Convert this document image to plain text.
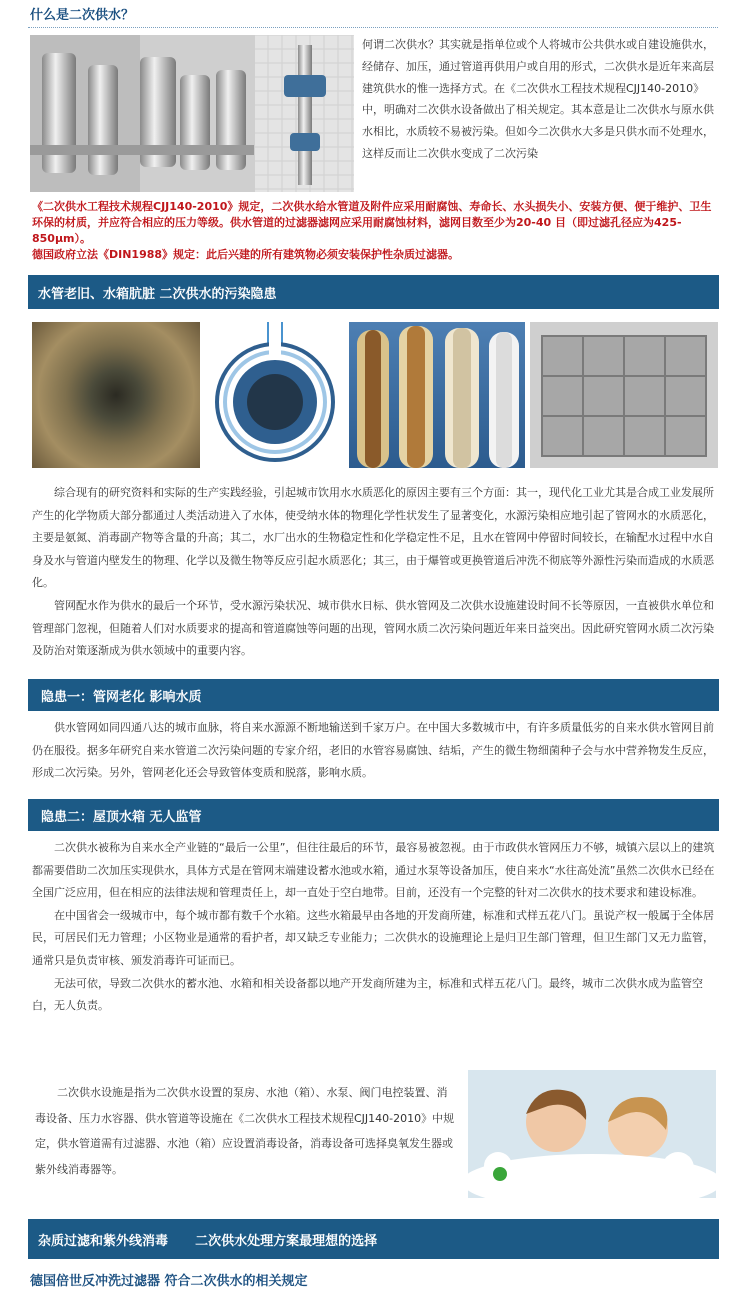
什么是二次供水？
何谓二次供水？其实就是指单位或个人将城市公共供水或自建设施供水，经储存、加压，通过管道再供用户或自用的形式，二次供水是近年来高层建筑供水的惟一选择方式。在《二次供水工程技术规程CJJ140-2010》中，明确对二次供水设备做出了相关规定。其本意是让二次供水与原水供水相比，水质较不易被污染。但如今二次供水大多是只供水而不处理水，这样反而让二次供水变成了二次污染
《二次供水工程技术规程CJJ140-2010》规定，二次供水给水管道及附件应采用耐腐蚀、寿命长、水头损失小、安装方便、便于维护、卫生环保的材质，并应符合相应的压力等级。供水管道的过滤器滤网应采用耐腐蚀材料，滤网目数至少为20-40 目（即过滤孔径应为425-850μm）。
德国政府立法《DIN1988》规定：此后兴建的所有建筑物必须安装保护性杂质过滤器。
水管老旧、水箱肮脏 二次供水的污染隐患

综合现有的研究资料和实际的生产实践经验，引起城市饮用水水质恶化的原因主要有三个方面：其一，现代化工业尤其是合成工业发展所产生的化学物质大部分都通过人类活动进入了水体，使受纳水体的物理化学性状发生了显著变化，水源污染相应地引起了管网水的水质恶化，主要是氨氮、消毒副产物等含量的升高；其二，水厂出水的生物稳定性和化学稳定性不足，且水在管网中停留时间较长，在输配水过程中水自身及水与管道内壁发生的物理、化学以及微生物等反应引起水质恶化；其三，由于爆管或更换管道后冲洗不彻底等外源性污染而造成的水质恶化。

管网配水作为供水的最后一个环节，受水源污染状况、城市供水日标、供水管网及二次供水设施建设时间不长等原因，一直被供水单位和管理部门忽视，但随着人们对水质要求的提高和管道腐蚀等问题的出现，管网水质二次污染问题近年来日益突出。因此研究管网水质二次污染及防治对策逐渐成为供水领域中的重要内容。

隐患一：管网老化 影响水质

供水管网如同四通八达的城市血脉，将自来水源源不断地输送到千家万户。在中国大多数城市中，有许多质量低劣的自来水供水管网目前仍在服役。据多年研究自来水管道二次污染问题的专家介绍，老旧的水管容易腐蚀、结垢，产生的微生物细菌种子会与水中营养物发生反应，形成二次污染。另外，管网老化还会导致管体变质和脱落，影响水质。

隐患二：屋顶水箱 无人监管

二次供水被称为自来水全产业链的“最后一公里”，但往往最后的环节，最容易被忽视。由于市政供水管网压力不够，城镇六层以上的建筑都需要借助二次加压实现供水，具体方式是在管网末端建设蓄水池或水箱，通过水泵等设备加压，使自来水“水往高处流”虽然二次供水已经在全国广泛应用，但在相应的法律法规和管理责任上，却一直处于空白地带。目前，还没有一个完整的针对二次供水的技术要求和建设标准。

在中国省会一级城市中，每个城市都有数千个水箱。这些水箱最早由各地的开发商所建，标准和式样五花八门。虽说产权一般属于全体居民，可居民们无力管理；小区物业是通常的看护者，却又缺乏专业能力；二次供水的设施理论上是归卫生部门管理，但卫生部门又无力监管，通常只是负责审核、颁发消毒许可证而已。

无法可依，导致二次供水的蓄水池、水箱和相关设备都以地产开发商所建为主，标准和式样五花八门。最终，城市二次供水成为监管空白，无人负责。

二次供水设施是指为二次供水设置的泵房、水池（箱）、水泵、阀门电控装置、消毒设备、压力水容器、供水管道等设施在《二次供水工程技术规程CJJ140-2010》中规定，供水管道需有过滤器、水池（箱）应设置消毒设备，消毒设备可选择臭氧发生器或紫外线消毒器等。

杂质过滤和紫外线消毒      二次供水处理方案最理想的选择
德国倍世反冲洗过滤器 符合二次供水的相关规定
